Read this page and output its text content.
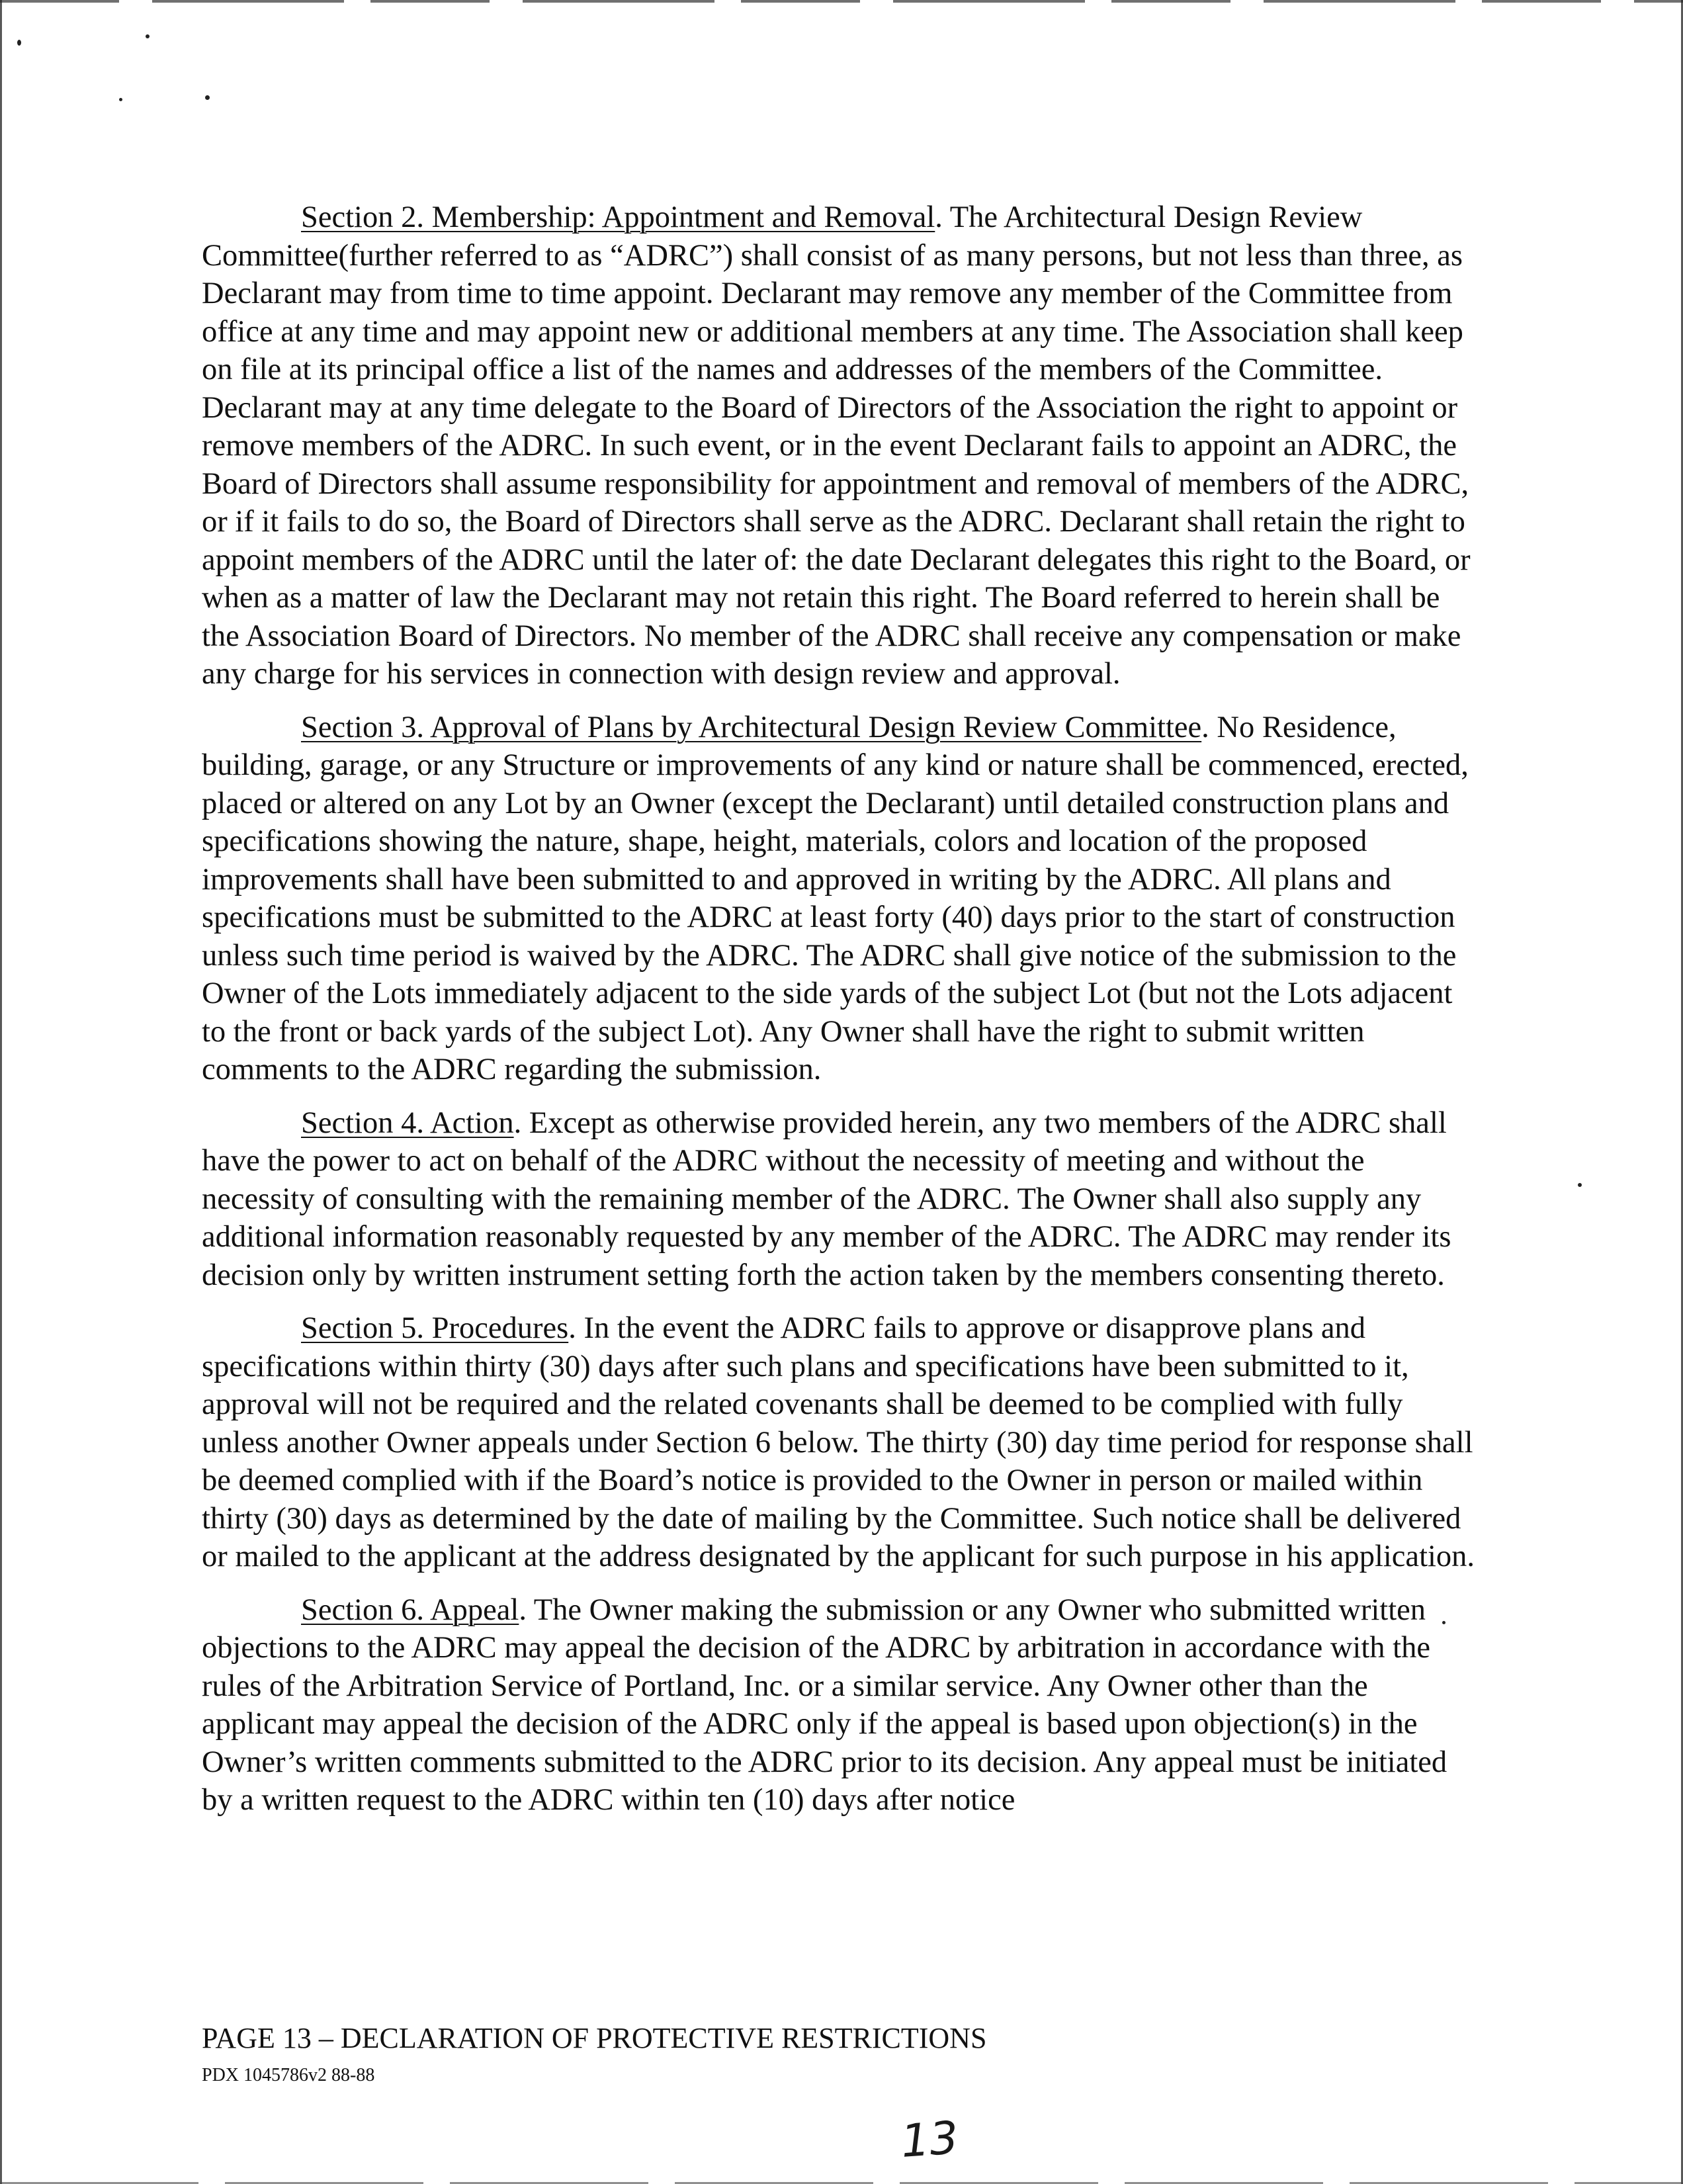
Section 2. Membership: Appointment and Removal. The Architectural Design Review Committee(further referred to as “ADRC”) shall consist of as many persons, but not less than three, as Declarant may from time to time appoint. Declarant may remove any member of the Committee from office at any time and may appoint new or additional members at any time. The Association shall keep on file at its principal office a list of the names and addresses of the members of the Committee. Declarant may at any time delegate to the Board of Directors of the Association the right to appoint or remove members of the ADRC. In such event, or in the event Declarant fails to appoint an ADRC, the Board of Directors shall assume responsibility for appointment and removal of members of the ADRC, or if it fails to do so, the Board of Directors shall serve as the ADRC. Declarant shall retain the right to appoint members of the ADRC until the later of: the date Declarant delegates this right to the Board, or when as a matter of law the Declarant may not retain this right. The Board referred to herein shall be the Association Board of Directors. No member of the ADRC shall receive any compensation or make any charge for his services in connection with design review and approval.

Section 3. Approval of Plans by Architectural Design Review Committee. No Residence, building, garage, or any Structure or improvements of any kind or nature shall be commenced, erected, placed or altered on any Lot by an Owner (except the Declarant) until detailed construction plans and specifications showing the nature, shape, height, materials, colors and location of the proposed improvements shall have been submitted to and approved in writing by the ADRC. All plans and specifications must be submitted to the ADRC at least forty (40) days prior to the start of construction unless such time period is waived by the ADRC. The ADRC shall give notice of the submission to the Owner of the Lots immediately adjacent to the side yards of the subject Lot (but not the Lots adjacent to the front or back yards of the subject Lot). Any Owner shall have the right to submit written comments to the ADRC regarding the submission.

Section 4. Action. Except as otherwise provided herein, any two members of the ADRC shall have the power to act on behalf of the ADRC without the necessity of meeting and without the necessity of consulting with the remaining member of the ADRC. The Owner shall also supply any additional information reasonably requested by any member of the ADRC. The ADRC may render its decision only by written instrument setting forth the action taken by the members consenting thereto.

Section 5. Procedures. In the event the ADRC fails to approve or disapprove plans and specifications within thirty (30) days after such plans and specifications have been submitted to it, approval will not be required and the related covenants shall be deemed to be complied with fully unless another Owner appeals under Section 6 below. The thirty (30) day time period for response shall be deemed complied with if the Board’s notice is provided to the Owner in person or mailed within thirty (30) days as determined by the date of mailing by the Committee. Such notice shall be delivered or mailed to the applicant at the address designated by the applicant for such purpose in his application.

Section 6. Appeal. The Owner making the submission or any Owner who submitted written objections to the ADRC may appeal the decision of the ADRC by arbitration in accordance with the rules of the Arbitration Service of Portland, Inc. or a similar service. Any Owner other than the applicant may appeal the decision of the ADRC only if the appeal is based upon objection(s) in the Owner’s written comments submitted to the ADRC prior to its decision. Any appeal must be initiated by a written request to the ADRC within ten (10) days after notice

PAGE 13 – DECLARATION OF PROTECTIVE RESTRICTIONS
PDX 1045786v2 88-88
13
